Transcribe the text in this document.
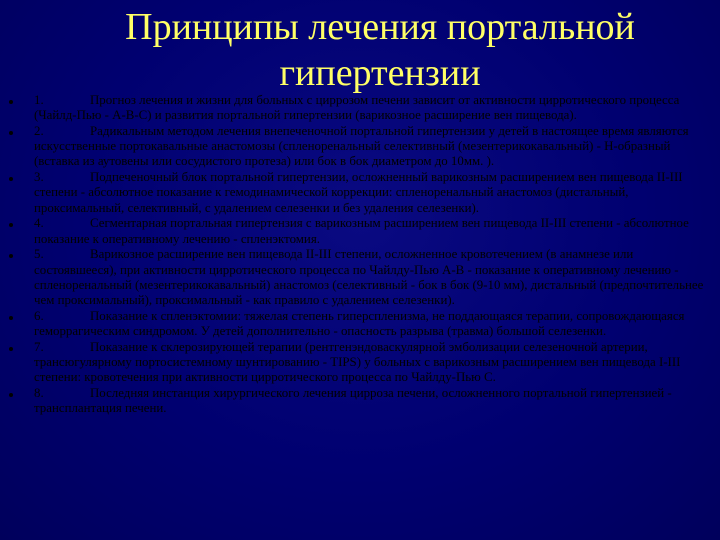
Принципы лечения портальной гипертензии
1.	Прогноз лечения и жизни для больных с циррозом печени зависит от активности цирротического процесса (Чайлд-Пью - А-В-С) и развития портальной гипертензии (варикозное расширение вен пищевода).
2.	Радикальным методом лечения внепеченочной портальной гипертензии у детей в настоящее время являются искусственные портокавальные анастомозы (спленоренальный селективный (мезентерикокавальный) - Н-образный (вставка из аутовены или сосудистого протеза) или бок в бок диаметром до 10мм. ).
3.	Подпеченочный блок портальной гипертензии, осложненный варикозным расширением вен пищевода II-III степени - абсолютное показание к гемодинамической коррекции: спленоренальный анастомоз (дистальный, проксимальный, селективный, с удалением селезенки и без удаления селезенки).
4.	Сегментарная портальная гипертензия с варикозным расширением вен пищевода II-III степени - абсолютное показание к оперативному лечению - спленэктомия.
5.	Варикозное расширение вен пищевода II-III степени, осложненное кровотечением (в анамнезе или состоявшееся), при активности цирротического процесса по Чайлду-Пью А-В - показание к оперативному лечению - спленоренальный (мезентерикокавальный) анастомоз (селективный - бок в бок (9-10 мм), дистальный (предпочтительнее чем проксимальный), проксимальный - как правило с удалением селезенки).
6.	Показание к спленэктомии: тяжелая степень гиперспленизма, не поддающаяся терапии, сопровождающаяся геморрагическим синдромом. У детей дополнительно - опасность разрыва (травма) большой селезенки.
7.	Показание к склерозирующей терапии (рентгенэндоваскулярной эмболизации селезеночной артерии, трансюгулярному портосистемному шунтированию - TIPS) у больных с варикозным расширением вен пищевода I-III степени: кровотечения при активности цирротического процесса по Чайлду-Пью С.
8.	Последняя инстанция хирургического лечения цирроза печени, осложненного портальной гипертензией - трансплантация печени.
